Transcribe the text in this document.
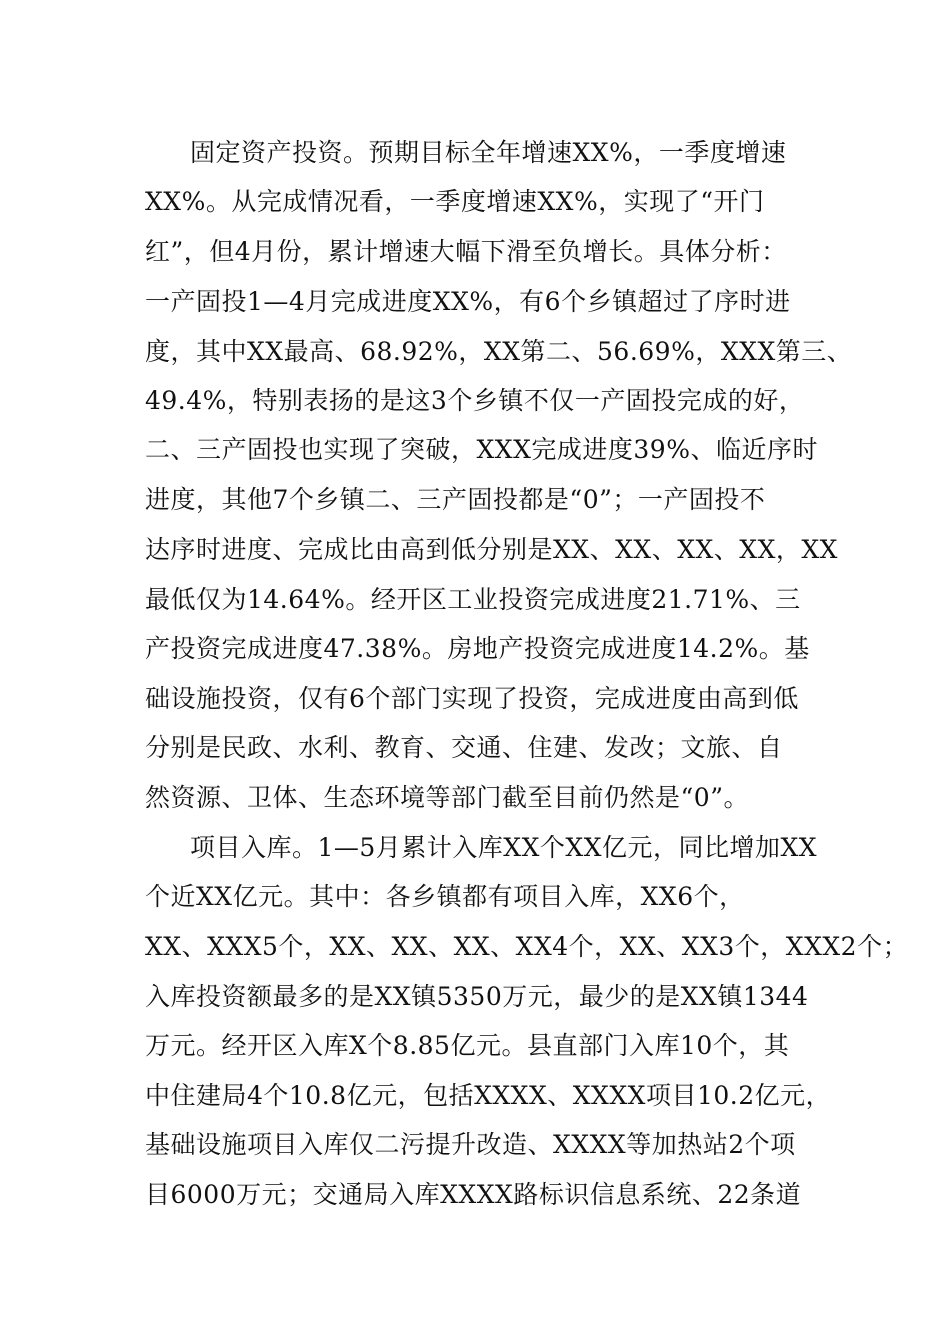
固定资产投资。预期目标全年增速XX%，一季度增速
XX%。从完成情况看，一季度增速XX%，实现了“开门
红”，但4月份，累计增速大幅下滑至负增长。具体分析：
一产固投1—4月完成进度XX%，有6个乡镇超过了序时进
度，其中XX最高、68.92%，XX第二、56.69%，XXX第三、
49.4%，特别表扬的是这3个乡镇不仅一产固投完成的好，
二、三产固投也实现了突破，XXX完成进度39%、临近序时
进度，其他7个乡镇二、三产固投都是“0”；一产固投不
达序时进度、完成比由高到低分别是XX、XX、XX、XX，XX
最低仅为14.64%。经开区工业投资完成进度21.71%、三
产投资完成进度47.38%。房地产投资完成进度14.2%。基
础设施投资，仅有6个部门实现了投资，完成进度由高到低
分别是民政、水利、教育、交通、住建、发改；文旅、自
然资源、卫体、生态环境等部门截至目前仍然是“0”。
项目入库。1—5月累计入库XX个XX亿元，同比增加XX
个近XX亿元。其中：各乡镇都有项目入库，XX6个，
XX、XXX5个，XX、XX、XX、XX4个，XX、XX3个，XXX2个；
入库投资额最多的是XX镇5350万元，最少的是XX镇1344
万元。经开区入库X个8.85亿元。县直部门入库10个，其
中住建局4个10.8亿元，包括XXXX、XXXX项目10.2亿元，
基础设施项目入库仅二污提升改造、XXXX等加热站2个项
目6000万元；交通局入库XXXX路标识信息系统、22条道
